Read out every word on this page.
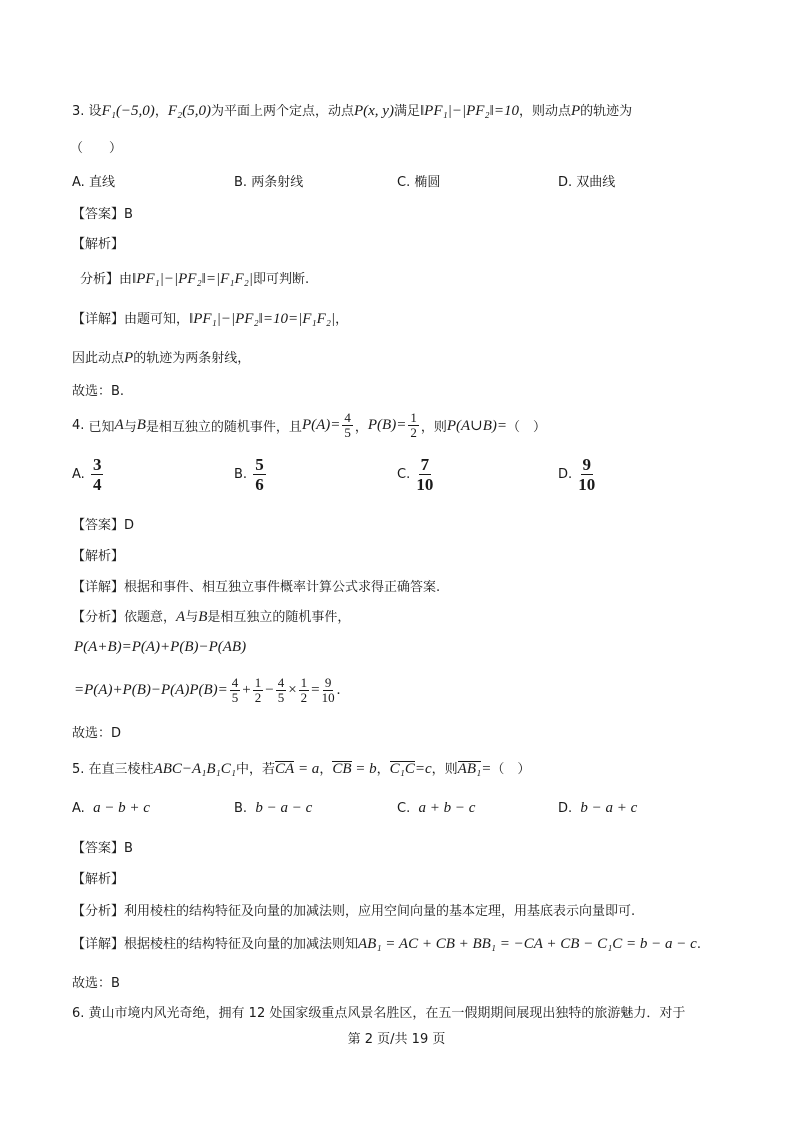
3. 设F₁(−5,0)，F₂(5,0)为平面上两个定点，动点P(x, y)满足‖PF₁|−|PF₂‖=10，则动点P的轨迹为
（　　）
A. 直线	B. 两条射线	C. 椭圆	D. 双曲线
【答案】B
【解析】
分析】由‖PF₁|−|PF₂‖=|F₁F₂|即可判断.
【详解】由题可知，‖PF₁|−|PF₂‖=10=|F₁F₂|，
因此动点P的轨迹为两条射线，
故选：B.
4.
已知 A 与 B 是相互独立的随机事件，且 $P(A)= \frac{4}{5}$ ， $P(B)= \frac{1}{2}$ ，则 P(A∪B)= （　）
A.
$\frac{3}{4}$	B.
$\frac{5}{6}$	C.
$\frac{7}{10}$	D.
$\frac{9}{10}$
【答案】D
【解析】
【详解】根据和事件、相互独立事件概率计算公式求得正确答案.
【分析】依题意，A与B是相互独立的随机事件，
P(A+B)=P(A)+P(B)−P(AB)
$=P(A)+P(B)-P(A)P(B)= \frac{4}{5} + \frac{1}{2} - \frac{4}{5} \times \frac{1}{2} = \frac{9}{10}$ .
故选：D
5. 在直三棱柱ABC−A₁B₁C₁中，若CA = a，CB = b，C₁C=c，则AB₁=（　）
A. a − b + c	B. b − a − c	C. a + b − c	D. b − a + c
【答案】B
【解析】
【分析】利用棱柱的结构特征及向量的加减法则，应用空间向量的基本定理，用基底表示向量即可.
【详解】根据棱柱的结构特征及向量的加减法则知AB₁ = AC + CB + BB₁ = −CA + CB − C₁C = b − a − c.
故选：B
6. 黄山市境内风光奇绝，拥有 12 处国家级重点风景名胜区，在五一假期期间展现出独特的旅游魅力．对于
第 2 页/共 19 页
